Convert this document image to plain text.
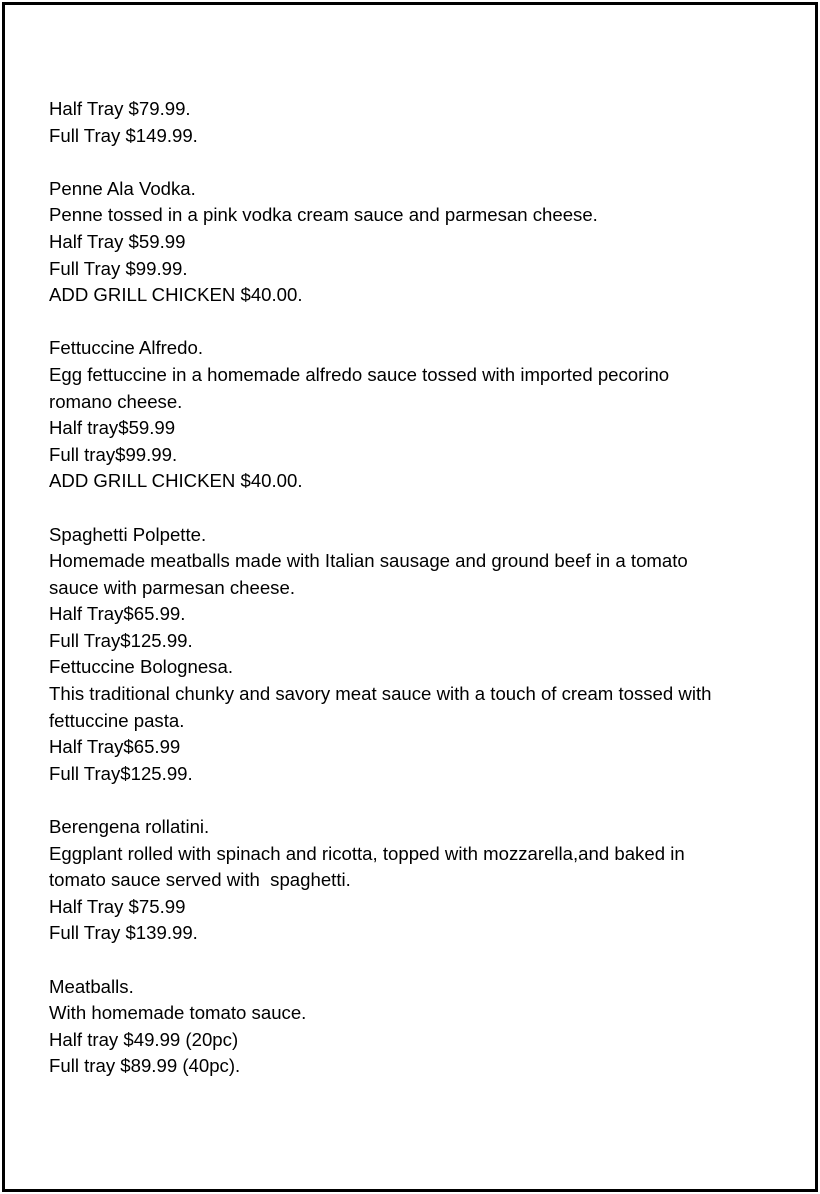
Half Tray $79.99.

Full Tray $149.99.

Penne Ala Vodka.

Penne tossed in a pink vodka cream sauce and parmesan cheese.

Half Tray $59.99

Full Tray $99.99.

ADD GRILL CHICKEN $40.00.

Fettuccine Alfredo.

Egg fettuccine in a homemade alfredo sauce tossed with imported pecorino

romano cheese.

Half tray$59.99

Full tray$99.99.

ADD GRILL CHICKEN $40.00.

Spaghetti Polpette.

Homemade meatballs made with Italian sausage and ground beef in a tomato

sauce with parmesan cheese.

Half Tray$65.99.

Full Tray$125.99.

Fettuccine Bolognesa.

This traditional chunky and savory meat sauce with a touch of cream tossed with

fettuccine pasta.

Half Tray$65.99

Full Tray$125.99.

Berengena rollatini.

Eggplant rolled with spinach and ricotta, topped with mozzarella,and baked in

tomato sauce served with  spaghetti.

Half Tray $75.99

Full Tray $139.99.

Meatballs.

With homemade tomato sauce.

Half tray $49.99 (20pc)

Full tray $89.99 (40pc).
